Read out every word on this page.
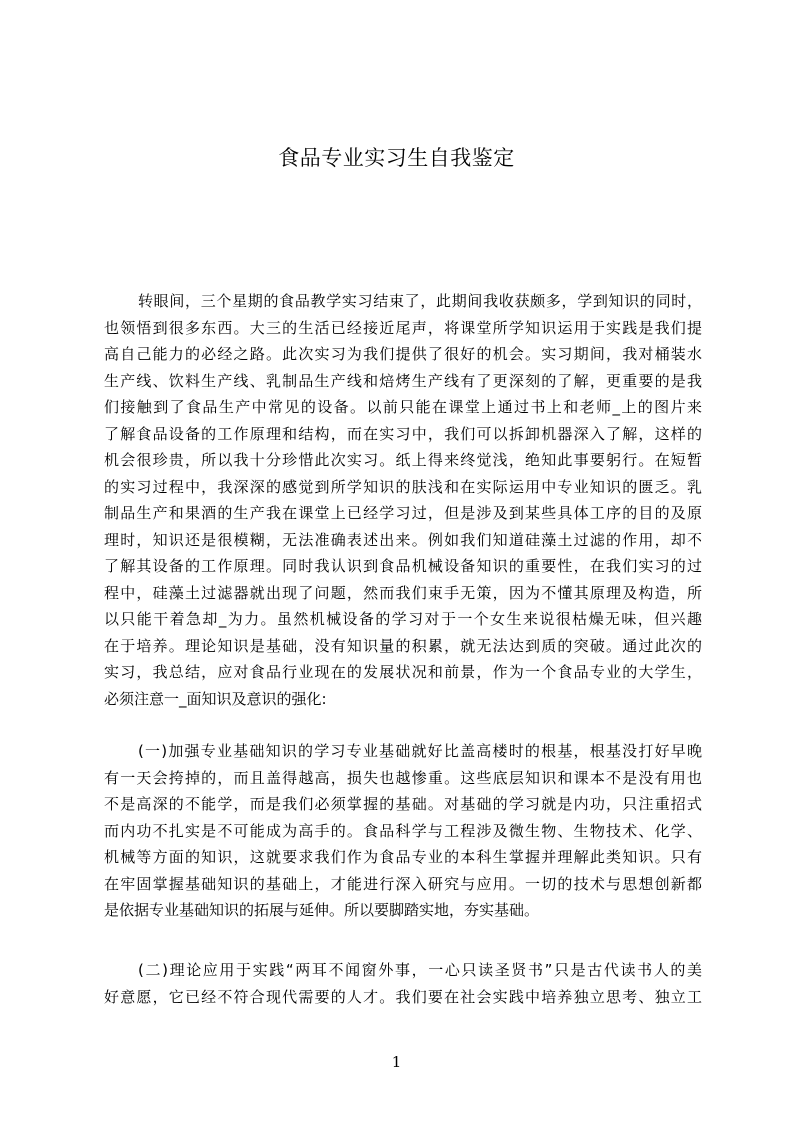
食品专业实习生自我鉴定
转眼间，三个星期的食品教学实习结束了，此期间我收获颇多，学到知识的同时，
也领悟到很多东西。大三的生活已经接近尾声，将课堂所学知识运用于实践是我们提
高自己能力的必经之路。此次实习为我们提供了很好的机会。实习期间，我对桶装水
生产线、饮料生产线、乳制品生产线和焙烤生产线有了更深刻的了解，更重要的是我
们接触到了食品生产中常见的设备。以前只能在课堂上通过书上和老师_上的图片来
了解食品设备的工作原理和结构，而在实习中，我们可以拆卸机器深入了解，这样的
机会很珍贵，所以我十分珍惜此次实习。纸上得来终觉浅，绝知此事要躬行。在短暂
的实习过程中，我深深的感觉到所学知识的肤浅和在实际运用中专业知识的匮乏。乳
制品生产和果酒的生产我在课堂上已经学习过，但是涉及到某些具体工序的目的及原
理时，知识还是很模糊，无法准确表述出来。例如我们知道硅藻土过滤的作用，却不
了解其设备的工作原理。同时我认识到食品机械设备知识的重要性，在我们实习的过
程中，硅藻土过滤器就出现了问题，然而我们束手无策，因为不懂其原理及构造，所
以只能干着急却_为力。虽然机械设备的学习对于一个女生来说很枯燥无味，但兴趣
在于培养。理论知识是基础，没有知识量的积累，就无法达到质的突破。通过此次的
实习，我总结，应对食品行业现在的发展状况和前景，作为一个食品专业的大学生，
必须注意一_面知识及意识的强化:
(一)加强专业基础知识的学习专业基础就好比盖高楼时的根基，根基没打好早晚
有一天会挎掉的，而且盖得越高，损失也越惨重。这些底层知识和课本不是没有用也
不是高深的不能学，而是我们必须掌握的基础。对基础的学习就是内功，只注重招式
而内功不扎实是不可能成为高手的。食品科学与工程涉及微生物、生物技术、化学、
机械等方面的知识，这就要求我们作为食品专业的本科生掌握并理解此类知识。只有
在牢固掌握基础知识的基础上，才能进行深入研究与应用。一切的技术与思想创新都
是依据专业基础知识的拓展与延伸。所以要脚踏实地，夯实基础。
(二)理论应用于实践“两耳不闻窗外事，一心只读圣贤书”只是古代读书人的美
好意愿，它已经不符合现代需要的人才。我们要在社会实践中培养独立思考、独立工
1
